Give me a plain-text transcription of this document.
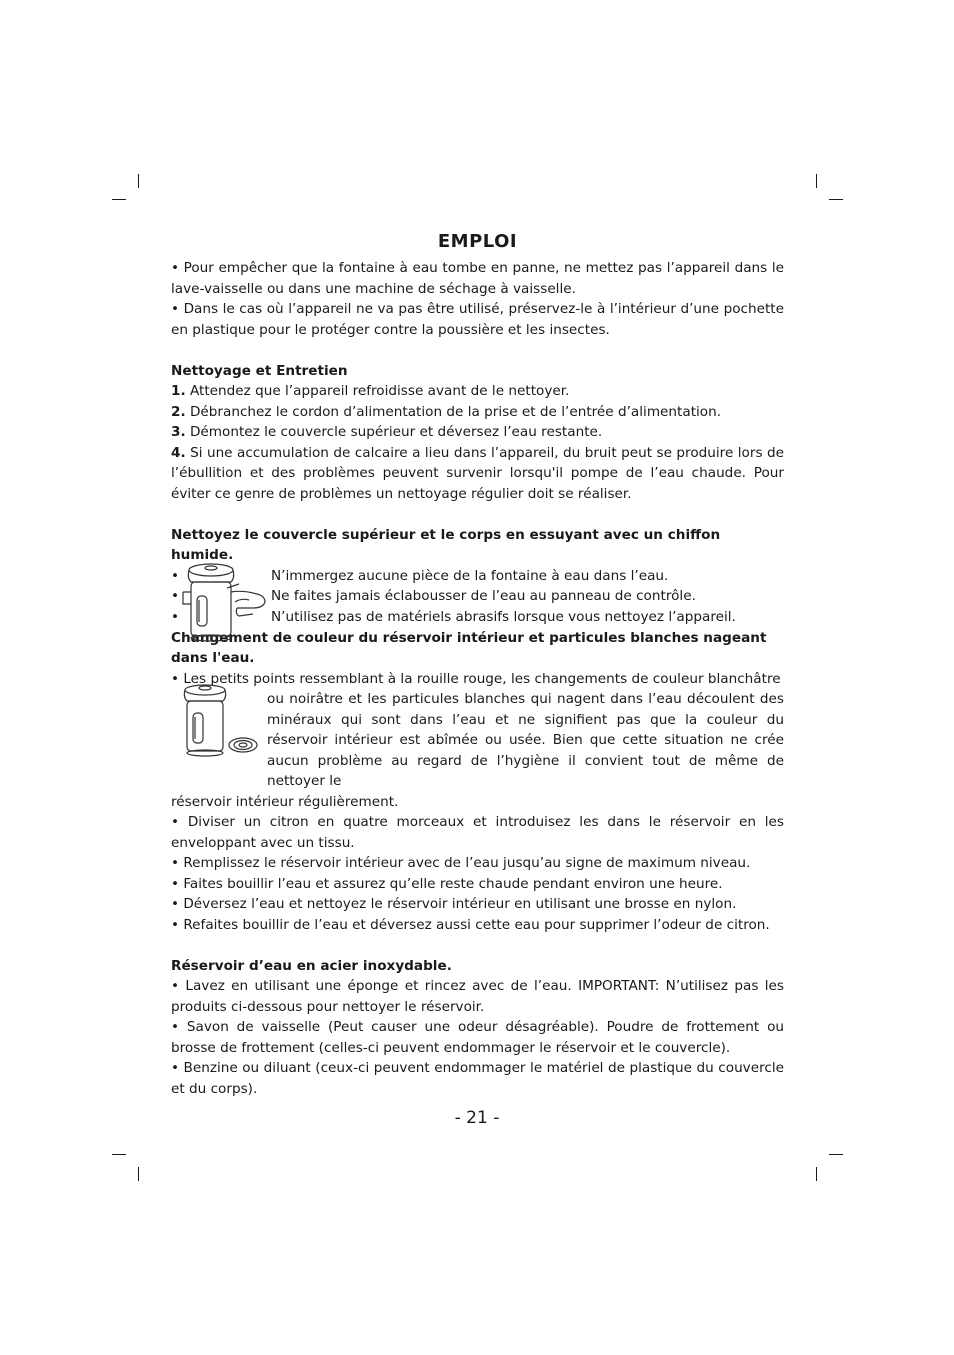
EMPLOI

• Pour empêcher que la fontaine à eau tombe en panne, ne mettez pas l’appareil dans le lave-vaisselle ou dans une machine de séchage à vaisselle.

• Dans le cas où l’appareil ne va pas être utilisé, préservez-le à l’intérieur d’une pochette en plastique pour le protéger contre la poussière et les insectes.

Nettoyage et Entretien

1. Attendez que l’appareil refroidisse avant de le nettoyer.

2. Débranchez le cordon d’alimentation de la prise et de l’entrée d’alimentation.

3. Démontez le couvercle supérieur et déversez l’eau restante.

4. Si une accumulation de calcaire a lieu dans l’appareil, du bruit peut se produire lors de l’ébullition et des problèmes peuvent survenir lorsqu'il pompe de l’eau chaude. Pour éviter ce genre de problèmes un nettoyage régulier doit se réaliser.

Nettoyez le couvercle supérieur et le corps en essuyant avec un chiffon humide.

•
•
•
N’immergez aucune pièce de la fontaine à eau dans l’eau.
Ne faites jamais éclabousser de l’eau au panneau de contrôle.
N’utilisez pas de matériels abrasifs lorsque vous nettoyez l’appareil.

Changement de couleur du réservoir intérieur et particules blanches nageant dans l'eau.

• Les petits points ressemblant à la rouille rouge, les changements de couleur blanchâtre

ou noirâtre et les particules blanches qui nagent dans l’eau découlent des minéraux qui sont dans l’eau et ne signifient pas que la couleur du réservoir intérieur est abîmée ou usée. Bien que cette situation ne crée aucun problème au regard de l’hygiène il convient tout de même de nettoyer le

réservoir intérieur régulièrement.

• Diviser un citron en quatre morceaux et introduisez les dans le réservoir en les enveloppant avec un tissu.

• Remplissez le réservoir intérieur avec de l’eau jusqu’au signe de maximum niveau.

• Faites bouillir l’eau et assurez qu’elle reste chaude pendant environ une heure.

• Déversez l’eau et nettoyez le réservoir intérieur en utilisant une brosse en nylon.

• Refaites bouillir de l’eau et déversez aussi cette eau pour supprimer l’odeur de citron.

Réservoir d’eau en acier inoxydable.

• Lavez en utilisant une éponge et rincez avec de l’eau. IMPORTANT: N’utilisez pas les produits ci-dessous pour nettoyer le réservoir.

• Savon de vaisselle (Peut causer une odeur désagréable). Poudre de frottement ou brosse de frottement (celles-ci peuvent endommager le réservoir et le couvercle).

• Benzine ou diluant (ceux-ci peuvent endommager le matériel de plastique du couvercle et du corps).

- 21 -
